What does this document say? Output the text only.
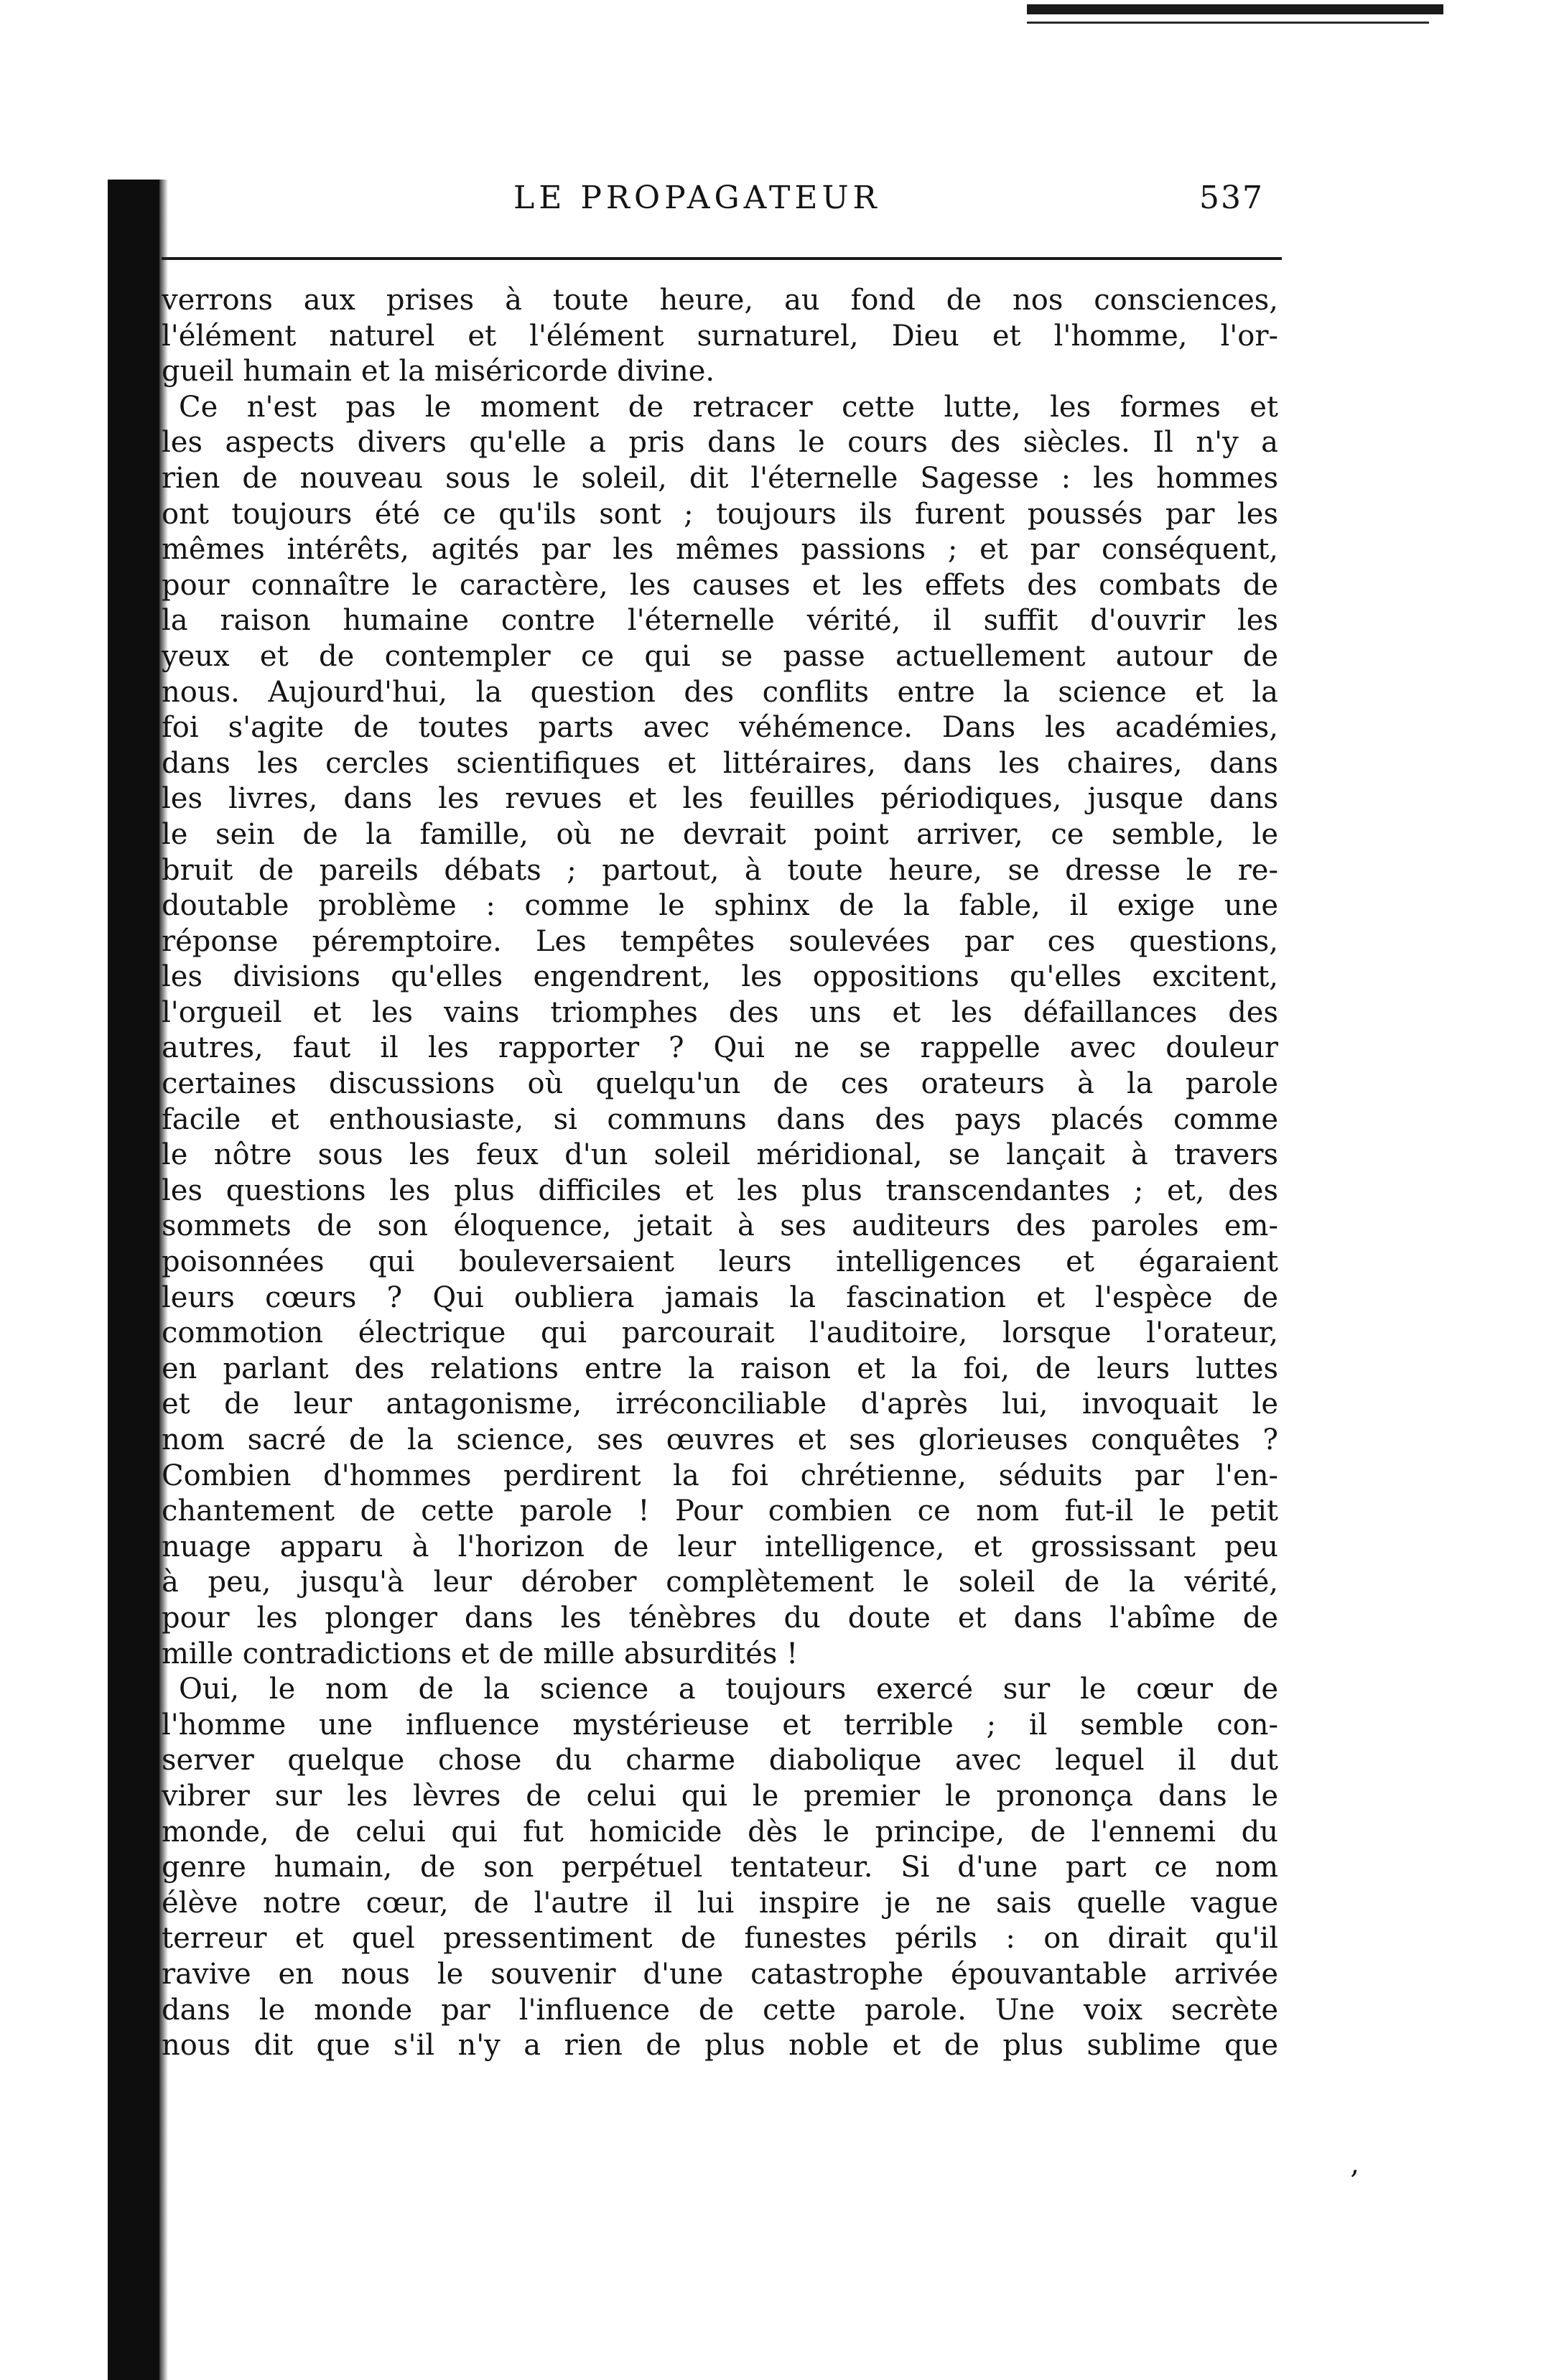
LE PROPAGATEUR	537
verrons aux prises à toute heure, au fond de nos consciences,
l'élément naturel et l'élément surnaturel, Dieu et l'homme, l'or-
gueil humain et la miséricorde divine.
Ce n'est pas le moment de retracer cette lutte, les formes et
les aspects divers qu'elle a pris dans le cours des siècles. Il n'y a
rien de nouveau sous le soleil, dit l'éternelle Sagesse : les hommes
ont toujours été ce qu'ils sont ; toujours ils furent poussés par les
mêmes intérêts, agités par les mêmes passions ; et par conséquent,
pour connaître le caractère, les causes et les effets des combats de
la raison humaine contre l'éternelle vérité, il suffit d'ouvrir les
yeux et de contempler ce qui se passe actuellement autour de
nous. Aujourd'hui, la question des conflits entre la science et la
foi s'agite de toutes parts avec véhémence. Dans les académies,
dans les cercles scientifiques et littéraires, dans les chaires, dans
les livres, dans les revues et les feuilles périodiques, jusque dans
le sein de la famille, où ne devrait point arriver, ce semble, le
bruit de pareils débats ; partout, à toute heure, se dresse le re-
doutable problème : comme le sphinx de la fable, il exige une
réponse péremptoire. Les tempêtes soulevées par ces questions,
les divisions qu'elles engendrent, les oppositions qu'elles excitent,
l'orgueil et les vains triomphes des uns et les défaillances des
autres, faut il les rapporter ? Qui ne se rappelle avec douleur
certaines discussions où quelqu'un de ces orateurs à la parole
facile et enthousiaste, si communs dans des pays placés comme
le nôtre sous les feux d'un soleil méridional, se lançait à travers
les questions les plus difficiles et les plus transcendantes ; et, des
sommets de son éloquence, jetait à ses auditeurs des paroles em-
poisonnées qui bouleversaient leurs intelligences et égaraient
leurs cœurs ? Qui oubliera jamais la fascination et l'espèce de
commotion électrique qui parcourait l'auditoire, lorsque l'orateur,
en parlant des relations entre la raison et la foi, de leurs luttes
et de leur antagonisme, irréconciliable d'après lui, invoquait le
nom sacré de la science, ses œuvres et ses glorieuses conquêtes ?
Combien d'hommes perdirent la foi chrétienne, séduits par l'en-
chantement de cette parole ! Pour combien ce nom fut-il le petit
nuage apparu à l'horizon de leur intelligence, et grossissant peu
à peu, jusqu'à leur dérober complètement le soleil de la vérité,
pour les plonger dans les ténèbres du doute et dans l'abîme de
mille contradictions et de mille absurdités !
Oui, le nom de la science a toujours exercé sur le cœur de
l'homme une influence mystérieuse et terrible ; il semble con-
server quelque chose du charme diabolique avec lequel il dut
vibrer sur les lèvres de celui qui le premier le prononça dans le
monde, de celui qui fut homicide dès le principe, de l'ennemi du
genre humain, de son perpétuel tentateur. Si d'une part ce nom
élève notre cœur, de l'autre il lui inspire je ne sais quelle vague
terreur et quel pressentiment de funestes périls : on dirait qu'il
ravive en nous le souvenir d'une catastrophe épouvantable arrivée
dans le monde par l'influence de cette parole. Une voix secrète
nous dit que s'il n'y a rien de plus noble et de plus sublime que
‚
